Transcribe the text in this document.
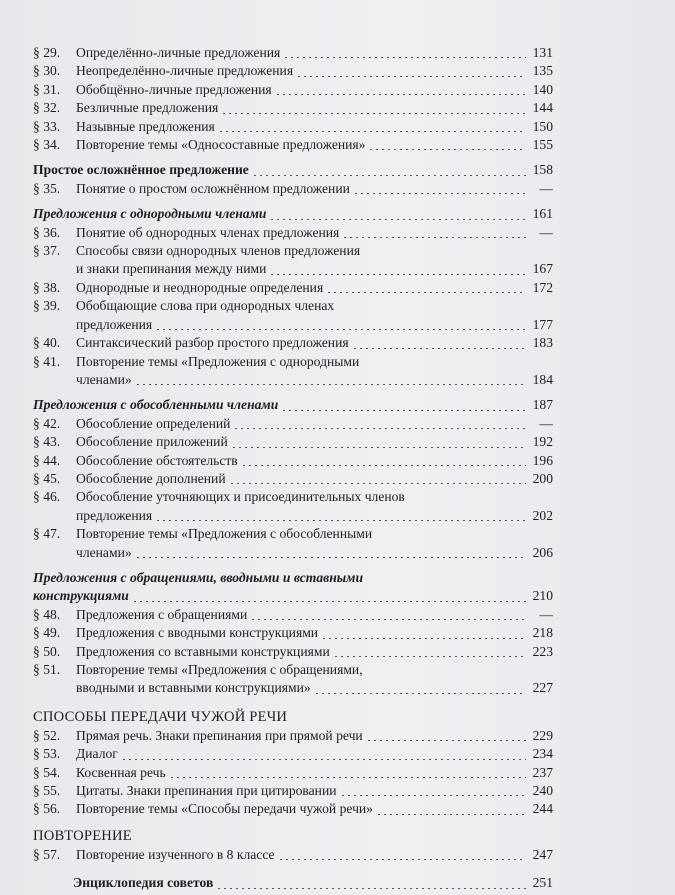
§ 29.	Определённо-личные предложения	131
§ 30.	Неопределённо-личные предложения	135
§ 31.	Обобщённо-личные предложения	140
§ 32.	Безличные предложения	144
§ 33.	Назывные предложения	150
§ 34.	Повторение темы «Односоставные предложения»	155
Простое осложнённое предложение	158
§ 35.	Понятие о простом осложнённом предложении	—
Предложения с однородными членами	161
§ 36.	Понятие об однородных членах предложения	—
§ 37.	Способы связи однородных членов предложения
и знаки препинания между ними	167
§ 38.	Однородные и неоднородные определения	172
§ 39.	Обобщающие слова при однородных членах
предложения	177
§ 40.	Синтаксический разбор простого предложения	183
§ 41.	Повторение темы «Предложения с однородными
членами»	184
Предложения с обособленными членами	187
§ 42.	Обособление определений	—
§ 43.	Обособление приложений	192
§ 44.	Обособление обстоятельств	196
§ 45.	Обособление дополнений	200
§ 46.	Обособление уточняющих и присоединительных членов
предложения	202
§ 47.	Повторение темы «Предложения с обособленными
членами»	206
Предложения с обращениями, вводными и вставными
конструкциями	210
§ 48.	Предложения с обращениями	—
§ 49.	Предложения с вводными конструкциями	218
§ 50.	Предложения со вставными конструкциями	223
§ 51.	Повторение темы «Предложения с обращениями,
вводными и вставными конструкциями»	227
СПОСОБЫ ПЕРЕДАЧИ ЧУЖОЙ РЕЧИ
§ 52.	Прямая речь. Знаки препинания при прямой речи	229
§ 53.	Диалог	234
§ 54.	Косвенная речь	237
§ 55.	Цитаты. Знаки препинания при цитировании	240
§ 56.	Повторение темы «Способы передачи чужой речи»	244
ПОВТОРЕНИЕ
§ 57.	Повторение изученного в 8 классе	247
Энциклопедия советов	251
